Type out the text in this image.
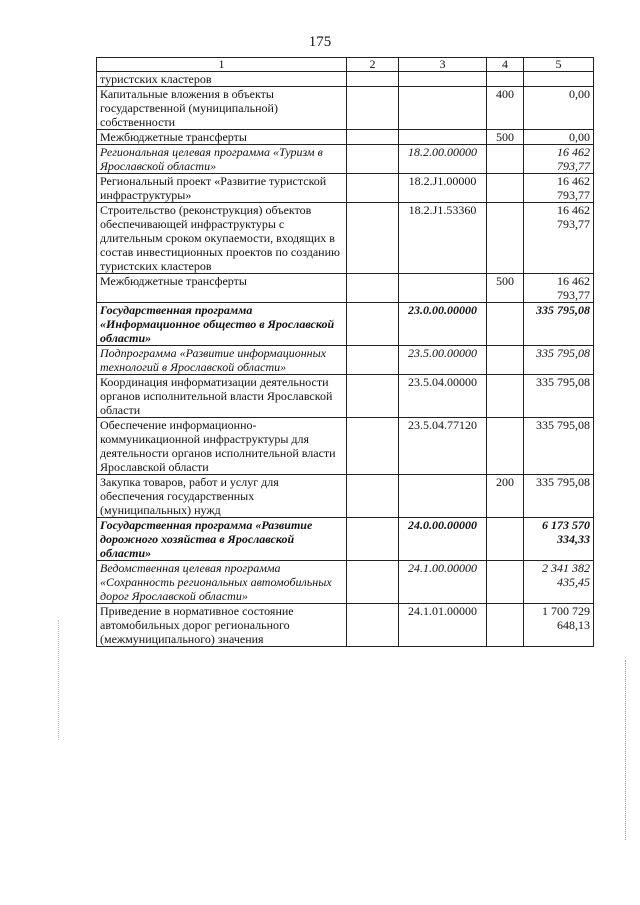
175
1	2	3	4	5
туристских кластеров				
Капитальные вложения в объекты государственной (муниципальной) собственности			400	0,00
Межбюджетные трансферты			500	0,00
Региональная целевая программа «Туризм в Ярославской области»		18.2.00.00000		16 462 793,77
Региональный проект «Развитие туристской инфраструктуры»		18.2.J1.00000		16 462 793,77
Строительство (реконструкция) объектов обеспечивающей инфраструктуры с длительным сроком окупаемости, входящих в состав инвестиционных проектов по созданию туристских кластеров		18.2.J1.53360		16 462 793,77
Межбюджетные трансферты			500	16 462 793,77
Государственная программа «Информационное общество в Ярославской области»		23.0.00.00000		335 795,08
Подпрограмма «Развитие информационных технологий в Ярославской области»		23.5.00.00000		335 795,08
Координация информатизации деятельности органов исполнительной власти Ярославской области		23.5.04.00000		335 795,08
Обеспечение информационно-коммуникационной инфраструктуры для деятельности органов исполнительной власти Ярославской области		23.5.04.77120		335 795,08
Закупка товаров, работ и услуг для обеспечения государственных (муниципальных) нужд			200	335 795,08
Государственная программа «Развитие дорожного хозяйства в Ярославской области»		24.0.00.00000		6 173 570 334,33
Ведомственная целевая программа «Сохранность региональных автомобильных дорог Ярославской области»		24.1.00.00000		2 341 382 435,45
Приведение в нормативное состояние автомобильных дорог регионального (межмуниципального) значения		24.1.01.00000		1 700 729 648,13
